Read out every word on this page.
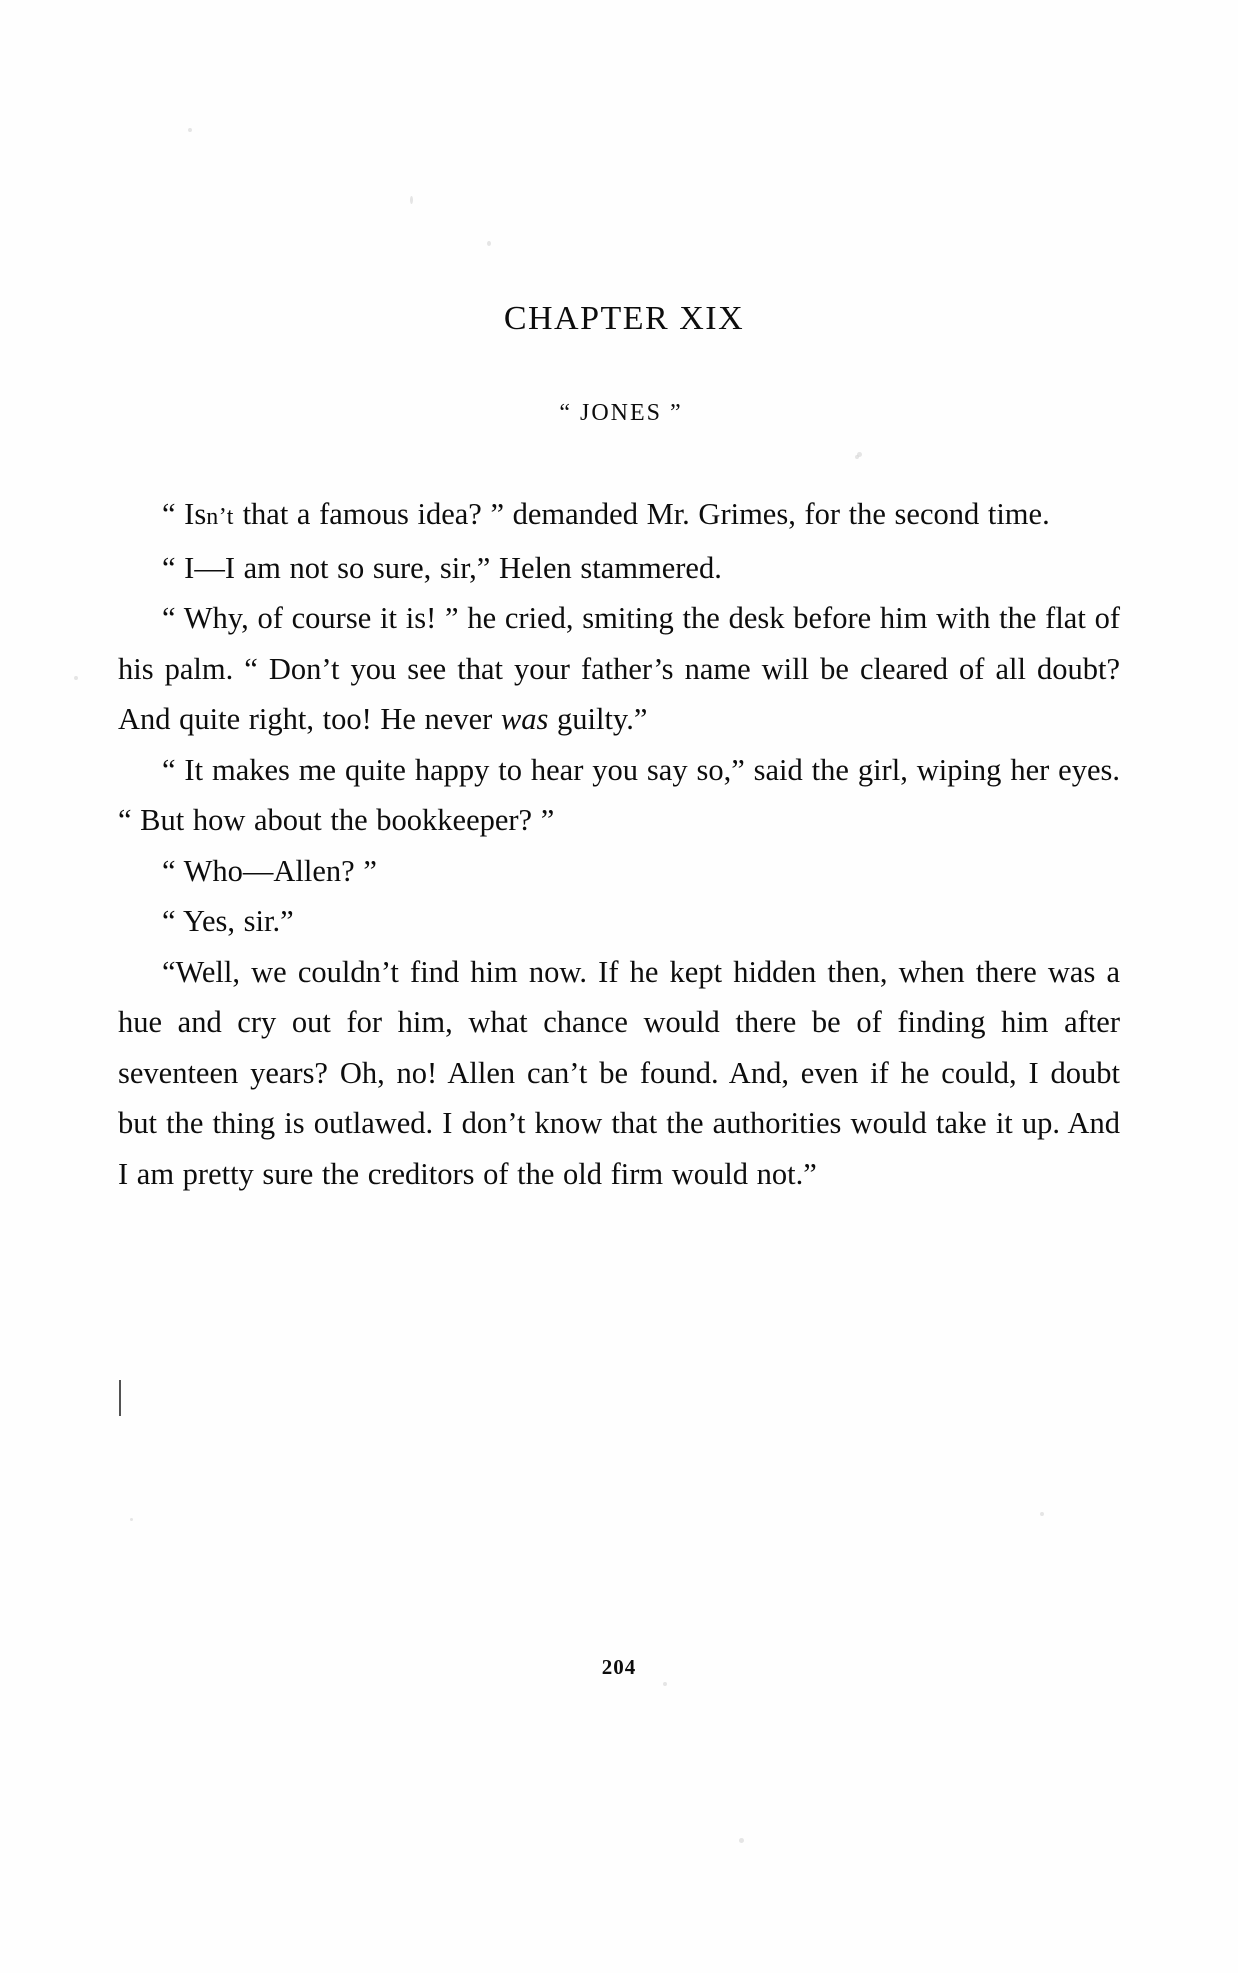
CHAPTER XIX
“ JONES ”

“ Isn’t that a famous idea? ” demanded Mr. Grimes, for the second time.

“ I—I am not so sure, sir,” Helen stammered.

“ Why, of course it is! ” he cried, smiting the desk before him with the flat of his palm. “ Don’t you see that your father’s name will be cleared of all doubt? And quite right, too! He never was guilty.”

“ It makes me quite happy to hear you say so,” said the girl, wiping her eyes. “ But how about the bookkeeper? ”

“ Who—Allen? ”

“ Yes, sir.”

“Well, we couldn’t find him now. If he kept hidden then, when there was a hue and cry out for him, what chance would there be of finding him after seventeen years? Oh, no! Allen can’t be found. And, even if he could, I doubt but the thing is outlawed. I don’t know that the authorities would take it up. And I am pretty sure the creditors of the old firm would not.”

204
